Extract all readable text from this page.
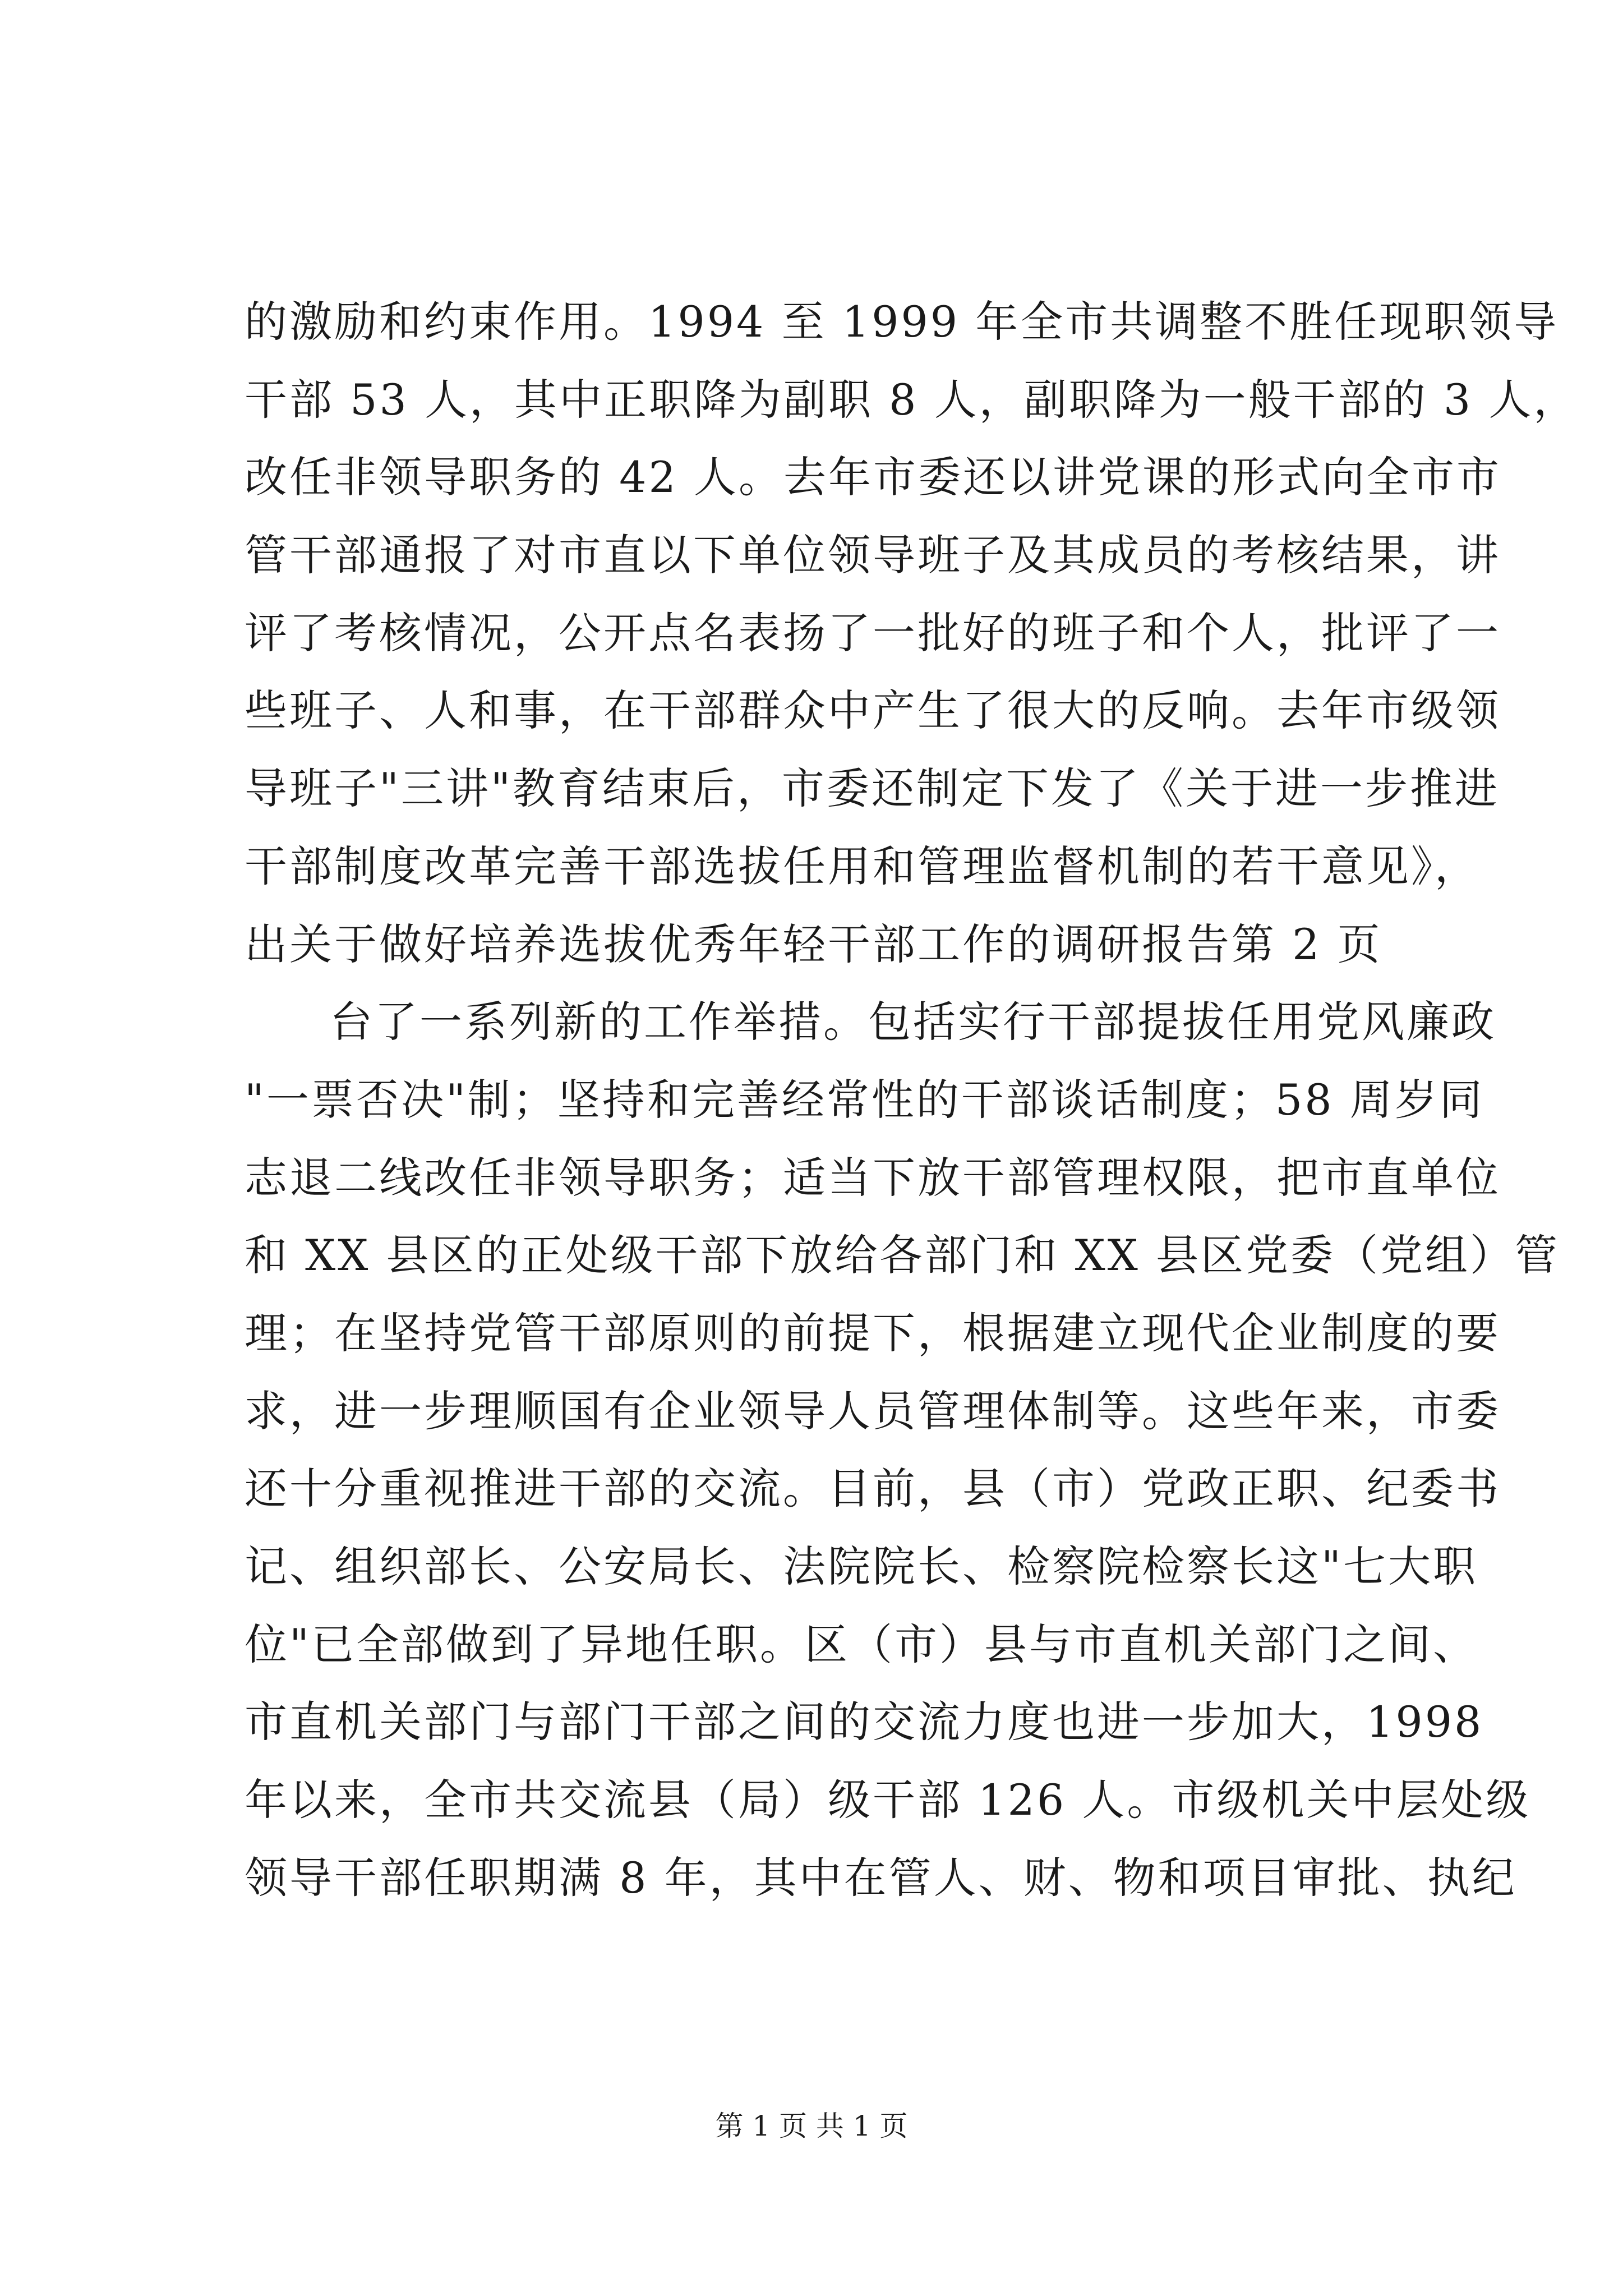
的激励和约束作用。1994 至 1999 年全市共调整不胜任现职领导
干部 53 人，其中正职降为副职 8 人，副职降为一般干部的 3 人，
改任非领导职务的 42 人。去年市委还以讲党课的形式向全市市
管干部通报了对市直以下单位领导班子及其成员的考核结果，讲
评了考核情况，公开点名表扬了一批好的班子和个人，批评了一
些班子、人和事，在干部群众中产生了很大的反响。去年市级领
导班子"三讲"教育结束后，市委还制定下发了《关于进一步推进
干部制度改革完善干部选拔任用和管理监督机制的若干意见》，
出关于做好培养选拔优秀年轻干部工作的调研报告第 2 页
台了一系列新的工作举措。包括实行干部提拔任用党风廉政
"一票否决"制；坚持和完善经常性的干部谈话制度；58 周岁同
志退二线改任非领导职务；适当下放干部管理权限，把市直单位
和 XX 县区的正处级干部下放给各部门和 XX 县区党委（党组）管
理；在坚持党管干部原则的前提下，根据建立现代企业制度的要
求，进一步理顺国有企业领导人员管理体制等。这些年来，市委
还十分重视推进干部的交流。目前，县（市）党政正职、纪委书
记、组织部长、公安局长、法院院长、检察院检察长这"七大职
位"已全部做到了异地任职。区（市）县与市直机关部门之间、
市直机关部门与部门干部之间的交流力度也进一步加大，1998
年以来，全市共交流县（局）级干部 126 人。市级机关中层处级
领导干部任职期满 8 年，其中在管人、财、物和项目审批、执纪
第 1 页 共 1 页
